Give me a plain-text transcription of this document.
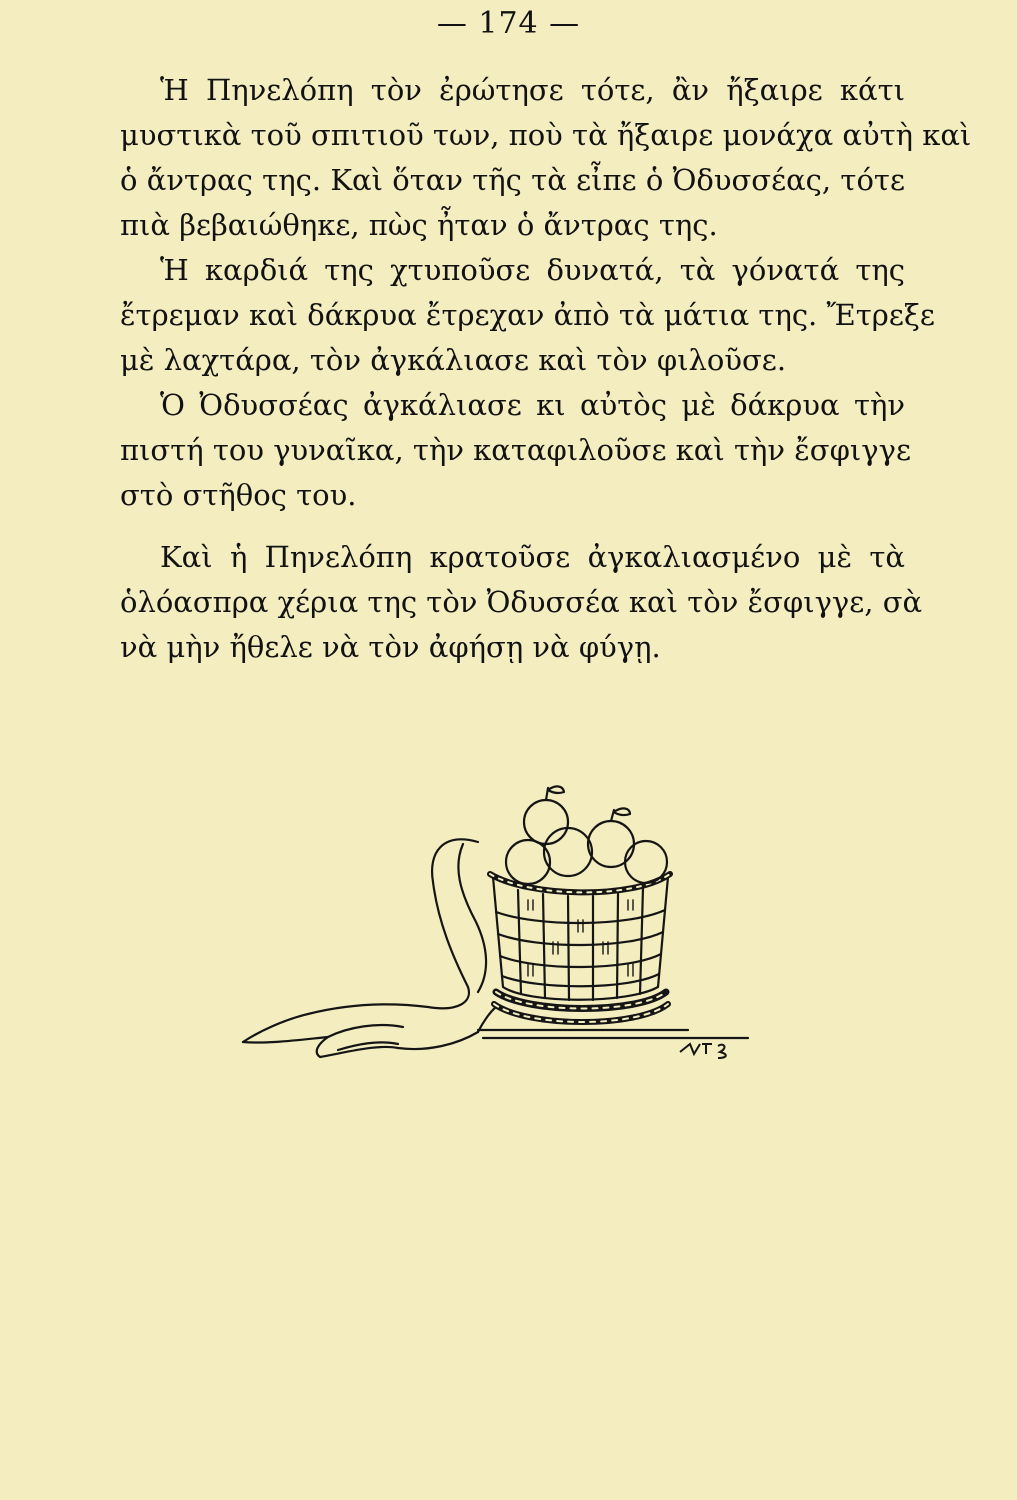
— 174 —

Ἡ Πηνελόπη τὸν ἐρώτησε τότε, ἂν ἤξαιρε κάτι
μυστικὰ τοῦ σπιτιοῦ των, ποὺ τὰ ἤξαιρε μονάχα αὐτὴ καὶ
ὁ ἄντρας της. Καὶ ὅταν τῆς τὰ εἶπε ὁ Ὀδυσσέας, τότε
πιὰ βεβαιώθηκε, πὼς ἦταν ὁ ἄντρας της.

Ἡ καρδιά της χτυποῦσε δυνατά, τὰ γόνατά της
ἔτρεμαν καὶ δάκρυα ἔτρεχαν ἀπὸ τὰ μάτια της. Ἔτρεξε
μὲ λαχτάρα, τὸν ἀγκάλιασε καὶ τὸν φιλοῦσε.

Ὁ Ὀδυσσέας ἀγκάλιασε κι αὐτὸς μὲ δάκρυα τὴν
πιστή του γυναῖκα, τὴν καταφιλοῦσε καὶ τὴν ἔσφιγγε
στὸ στῆθος του.

Καὶ ἡ Πηνελόπη κρατοῦσε ἀγκαλιασμένο μὲ τὰ
ὁλόασπρα χέρια της τὸν Ὀδυσσέα καὶ τὸν ἔσφιγγε, σὰ
νὰ μὴν ἤθελε νὰ τὸν ἀφήσῃ νὰ φύγῃ.
